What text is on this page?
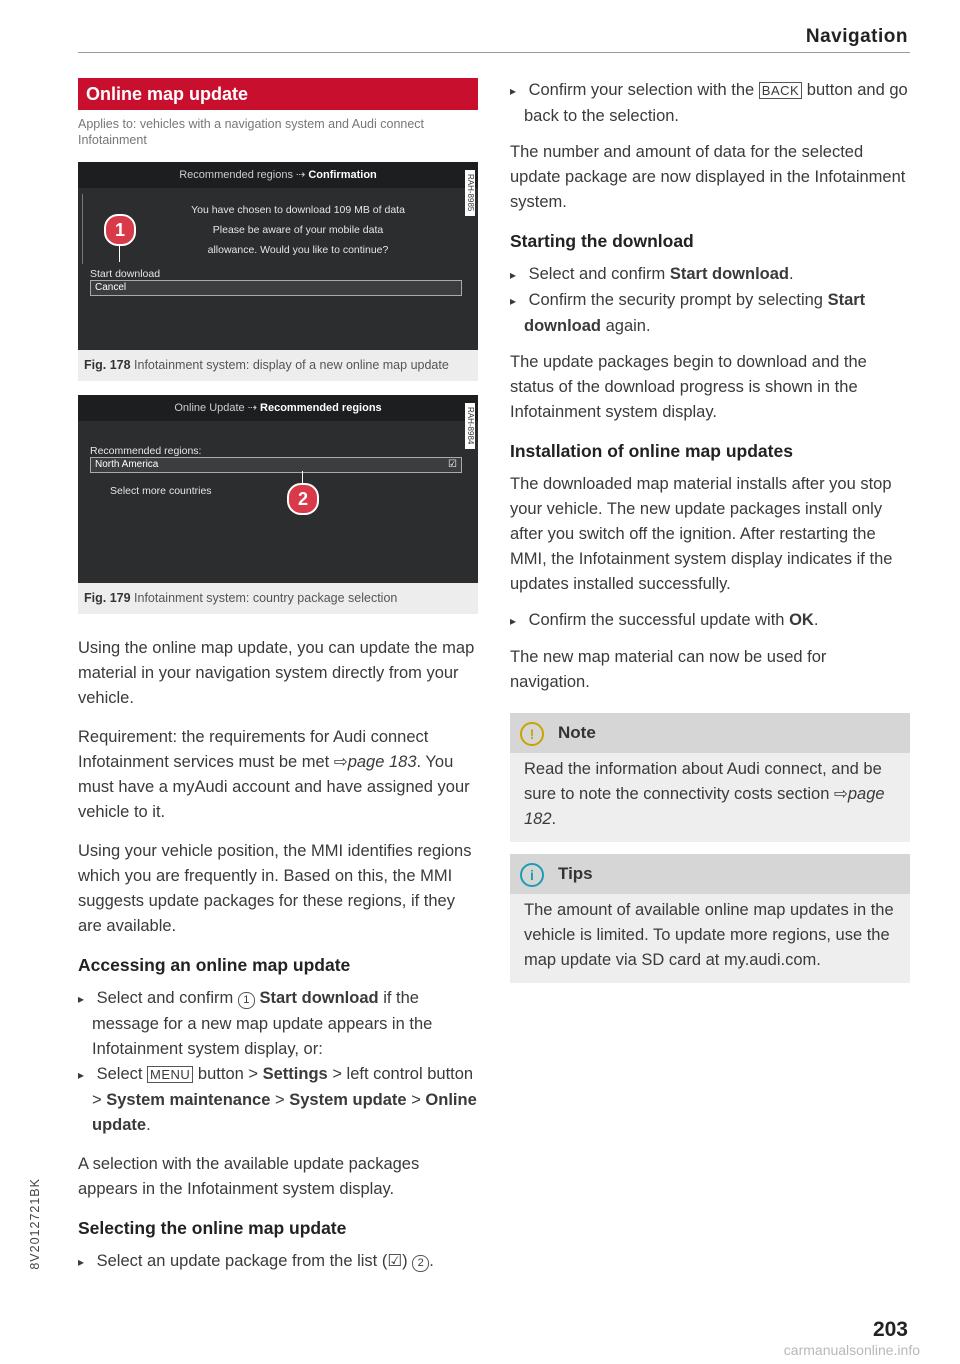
Navigation
Online map update
Applies to: vehicles with a navigation system and Audi connect Infotainment
Recommended regions ⇢ Confirmation	RAH-8985
You have chosen to download 109 MB of data
Please be aware of your mobile data
allowance. Would you like to continue?
Start download
Cancel
1
Fig. 178 Infotainment system: display of a new online map update
Online Update ⇢ Recommended regions	RAH-8984
Recommended regions:
North America	☑
Select more countries	2
Fig. 179 Infotainment system: country package selection

Using the online map update, you can update the map material in your navigation system directly from your vehicle.

Requirement: the requirements for Audi connect Infotainment services must be met ⇨page 183. You must have a myAudi account and have assigned your vehicle to it.

Using your vehicle position, the MMI identifies regions which you are frequently in. Based on this, the MMI suggests update packages for these regions, if they are available.

Accessing an online map update

▸ Select and confirm 1 Start download if the message for a new map update appears in the Infotainment system display, or:

▸ Select MENU button > Settings > left control button > System maintenance > System update > Online update.

A selection with the available update packages appears in the Infotainment system display.

Selecting the online map update

▸ Select an update package from the list (☑) 2 .

▸ Confirm your selection with the BACK button and go back to the selection.

The number and amount of data for the selected update package are now displayed in the Infotainment system.

Starting the download

▸ Select and confirm Start download.

▸ Confirm the security prompt by selecting Start download again.

The update packages begin to download and the status of the download progress is shown in the Infotainment system display.

Installation of online map updates

The downloaded map material installs after you stop your vehicle. The new update packages install only after you switch off the ignition. After restarting the MMI, the Infotainment system display indicates if the updates installed successfully.

▸ Confirm the successful update with OK.

The new map material can now be used for navigation.

! Note
Read the information about Audi connect, and be sure to note the connectivity costs section ⇨page 182.
i Tips
The amount of available online map updates in the vehicle is limited. To update more regions, use the map update via SD card at my.audi.com.
8V2012721BK
203
carmanualsonline.info
